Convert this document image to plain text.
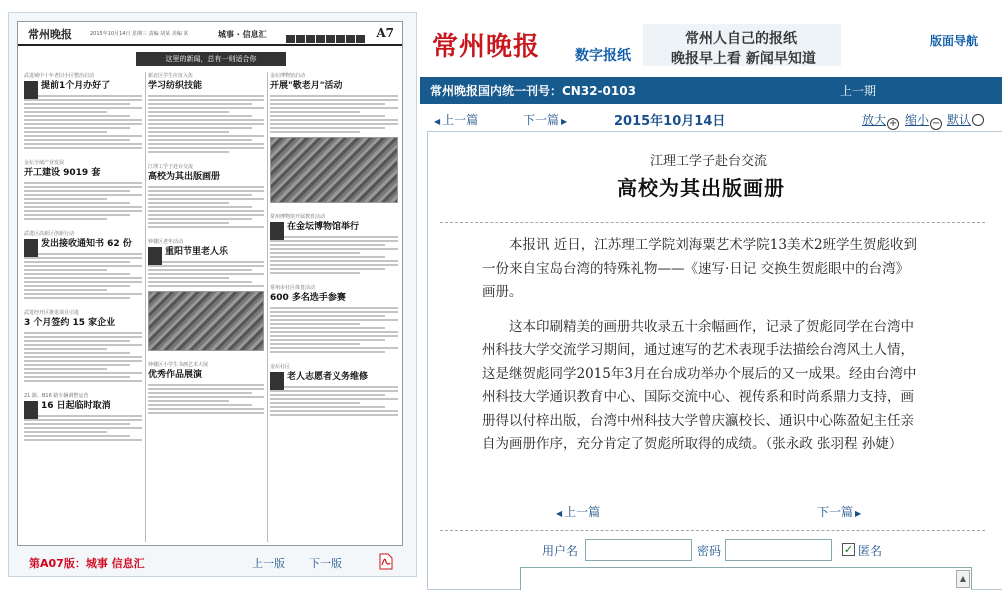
常州晚报	2015年10月14日 星期三 责编 胡某 美编 某	城事 · 信息汇	A7
这里的新闻，总有一则适合你
武进城中十年老旧小区整治启动
提前1个月办好了
金坛全域产业发展
开工建设 9019 套
武进区高新区创新行动
发出接收通知书 62 份
武进经开区推进项目引进
3 个月签约 15 家企业
21 路、B16 路车辆调整运营
16 日起临时取消
新北区学生应征入伍
学习纺织技能
江理工学子赴台交流
高校为其出版画册
钟楼区老年活动
重阳节里老人乐
钟楼区小学生书画艺术大展
优秀作品展演
金坛博物馆启动
开展"敬老月"活动
常州博物馆开展教育活动
在金坛博物馆举行
常州市社区体育活动
600 多名选手参赛
金坛社区
老人志愿者义务维修
第A07版：城事 信息汇	上一版 下一版
常州晚报 数字报纸
常州人自己的报纸
晚报早上看 新闻早知道
版面导航
常州晚报国内统一刊号：CN32-0103	上一期
◀ 上一篇	下一篇 ▶	2015年10月14日	放大 + 缩小 − 默认
江理工学子赴台交流
高校为其出版画册

本报讯 近日，江苏理工学院刘海粟艺术学院13美术2班学生贺彪收到一份来自宝岛台湾的特殊礼物——《速写·日记 交换生贺彪眼中的台湾》画册。

这本印刷精美的画册共收录五十余幅画作，记录了贺彪同学在台湾中州科技大学交流学习期间，通过速写的艺术表现手法描绘台湾风土人情，这是继贺彪同学2015年3月在台成功举办个展后的又一成果。经由台湾中州科技大学通识教育中心、国际交流中心、视传系和时尚系鼎力支持，画册得以付梓出版，台湾中州科技大学曾庆瀛校长、通识中心陈盈妃主任亲自为画册作序，充分肯定了贺彪所取得的成绩。（张永政 张羽程 孙婕）

◀ 上一篇	下一篇 ▶
用户名	密码	✓ 匿名
▲
